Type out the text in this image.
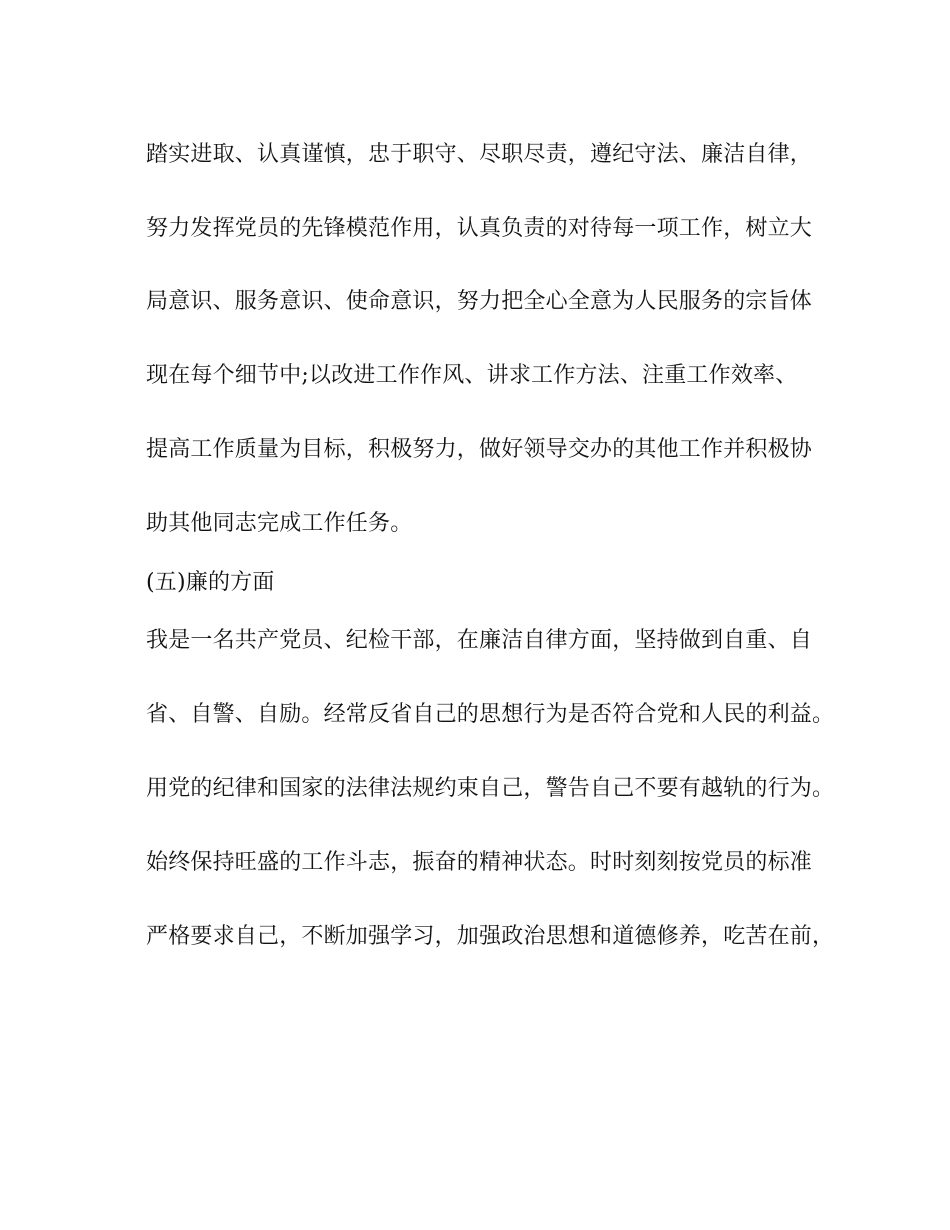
踏实进取、认真谨慎，忠于职守、尽职尽责，遵纪守法、廉洁自律，
努力发挥党员的先锋模范作用，认真负责的对待每一项工作，树立大
局意识、服务意识、使命意识，努力把全心全意为人民服务的宗旨体
现在每个细节中;以改进工作作风、讲求工作方法、注重工作效率、
提高工作质量为目标，积极努力，做好领导交办的其他工作并积极协
助其他同志完成工作任务。
(五)廉的方面
我是一名共产党员、纪检干部，在廉洁自律方面，坚持做到自重、自
省、自警、自励。经常反省自己的思想行为是否符合党和人民的利益。
用党的纪律和国家的法律法规约束自己，警告自己不要有越轨的行为。
始终保持旺盛的工作斗志，振奋的精神状态。时时刻刻按党员的标准
严格要求自己，不断加强学习，加强政治思想和道德修养，吃苦在前，
